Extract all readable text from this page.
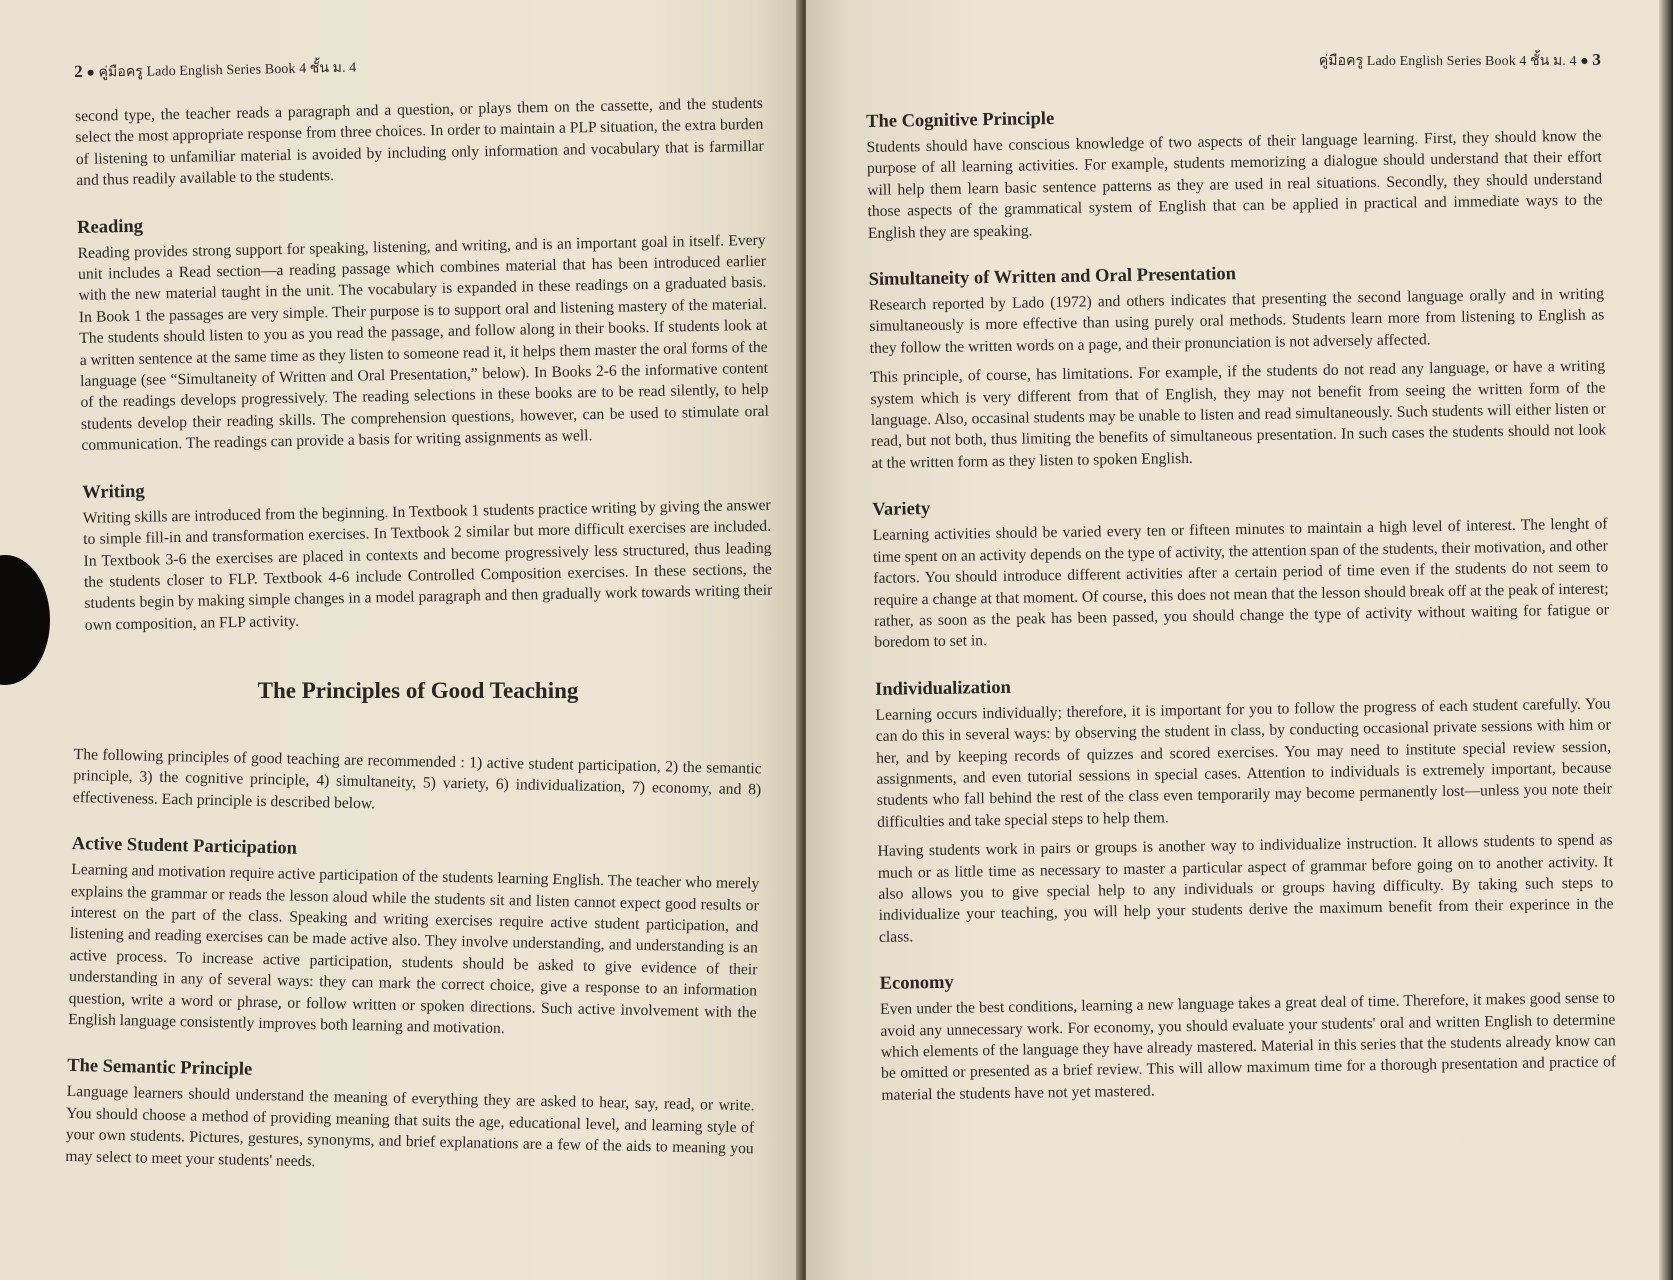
2 ● คู่มือครู Lado English Series Book 4 ชั้น ม. 4

second type, the teacher reads a paragraph and a question, or plays them on the cassette, and the students select the most appropriate response from three choices. In order to maintain a PLP situation, the extra burden of listening to unfamiliar material is avoided by including only information and vocabulary that is farmillar and thus readily available to the students.

Reading

Reading provides strong support for speaking, listening, and writing, and is an important goal in itself. Every unit includes a Read section—a reading passage which combines material that has been introduced earlier with the new material taught in the unit. The vocabulary is expanded in these readings on a graduated basis. In Book 1 the passages are very simple. Their purpose is to support oral and listening mastery of the material. The students should listen to you as you read the passage, and follow along in their books. If students look at a written sentence at the same time as they listen to someone read it, it helps them master the oral forms of the language (see “Simultaneity of Written and Oral Presentation,” below). In Books 2-6 the informative content of the readings develops progressively. The reading selections in these books are to be read silently, to help students develop their reading skills. The comprehension questions, however, can be used to stimulate oral communication. The readings can provide a basis for writing assignments as well.

Writing

Writing skills are introduced from the beginning. In Textbook 1 students practice writing by giving the answer to simple fill-in and transformation exercises. In Textbook 2 similar but more difficult exercises are included. In Textbook 3-6 the exercises are placed in contexts and become progressively less structured, thus leading the students closer to FLP. Textbook 4-6 include Controlled Composition exercises. In these sections, the students begin by making simple changes in a model paragraph and then gradually work towards writing their own composition, an FLP activity.

The Principles of Good Teaching

The following principles of good teaching are recommended : 1) active student participation, 2) the semantic principle, 3) the cognitive principle, 4) simultaneity, 5) variety, 6) individualization, 7) economy, and 8) effectiveness. Each principle is described below.

Active Student Participation

Learning and motivation require active participation of the students learning English. The teacher who merely explains the grammar or reads the lesson aloud while the students sit and listen cannot expect good results or interest on the part of the class. Speaking and writing exercises require active student participation, and listening and reading exercises can be made active also. They involve understanding, and understanding is an active process. To increase active participation, students should be asked to give evidence of their understanding in any of several ways: they can mark the correct choice, give a response to an information question, write a word or phrase, or follow written or spoken directions. Such active involvement with the English language consistently improves both learning and motivation.

The Semantic Principle

Language learners should understand the meaning of everything they are asked to hear, say, read, or write. You should choose a method of providing meaning that suits the age, educational level, and learning style of your own students. Pictures, gestures, synonyms, and brief explanations are a few of the aids to meaning you may select to meet your students' needs.

คู่มือครู Lado English Series Book 4 ชั้น ม. 4 ● 3
The Cognitive Principle

Students should have conscious knowledge of two aspects of their language learning. First, they should know the purpose of all learning activities. For example, students memorizing a dialogue should understand that their effort will help them learn basic sentence patterns as they are used in real situations. Secondly, they should understand those aspects of the grammatical system of English that can be applied in practical and immediate ways to the English they are speaking.

Simultaneity of Written and Oral Presentation

Research reported by Lado (1972) and others indicates that presenting the second language orally and in writing simultaneously is more effective than using purely oral methods. Students learn more from listening to English as they follow the written words on a page, and their pronunciation is not adversely affected.

This principle, of course, has limitations. For example, if the students do not read any language, or have a writing system which is very different from that of English, they may not benefit from seeing the written form of the language. Also, occasinal students may be unable to listen and read simultaneously. Such students will either listen or read, but not both, thus limiting the benefits of simultaneous presentation. In such cases the students should not look at the written form as they listen to spoken English.

Variety

Learning activities should be varied every ten or fifteen minutes to maintain a high level of interest. The lenght of time spent on an activity depends on the type of activity, the attention span of the students, their motivation, and other factors. You should introduce different activities after a certain period of time even if the students do not seem to require a change at that moment. Of course, this does not mean that the lesson should break off at the peak of interest; rather, as soon as the peak has been passed, you should change the type of activity without waiting for fatigue or boredom to set in.

Individualization

Learning occurs individually; therefore, it is important for you to follow the progress of each student carefully. You can do this in several ways: by observing the student in class, by conducting occasional private sessions with him or her, and by keeping records of quizzes and scored exercises. You may need to institute special review session, assignments, and even tutorial sessions in special cases. Attention to individuals is extremely important, because students who fall behind the rest of the class even temporarily may become permanently lost—unless you note their difficulties and take special steps to help them.

Having students work in pairs or groups is another way to individualize instruction. It allows students to spend as much or as little time as necessary to master a particular aspect of grammar before going on to another activity. It also allows you to give special help to any individuals or groups having difficulty. By taking such steps to individualize your teaching, you will help your students derive the maximum benefit from their experince in the class.

Economy

Even under the best conditions, learning a new language takes a great deal of time. Therefore, it makes good sense to avoid any unnecessary work. For economy, you should evaluate your students' oral and written English to determine which elements of the language they have already mastered. Material in this series that the students already know can be omitted or presented as a brief review. This will allow maximum time for a thorough presentation and practice of material the students have not yet mastered.
